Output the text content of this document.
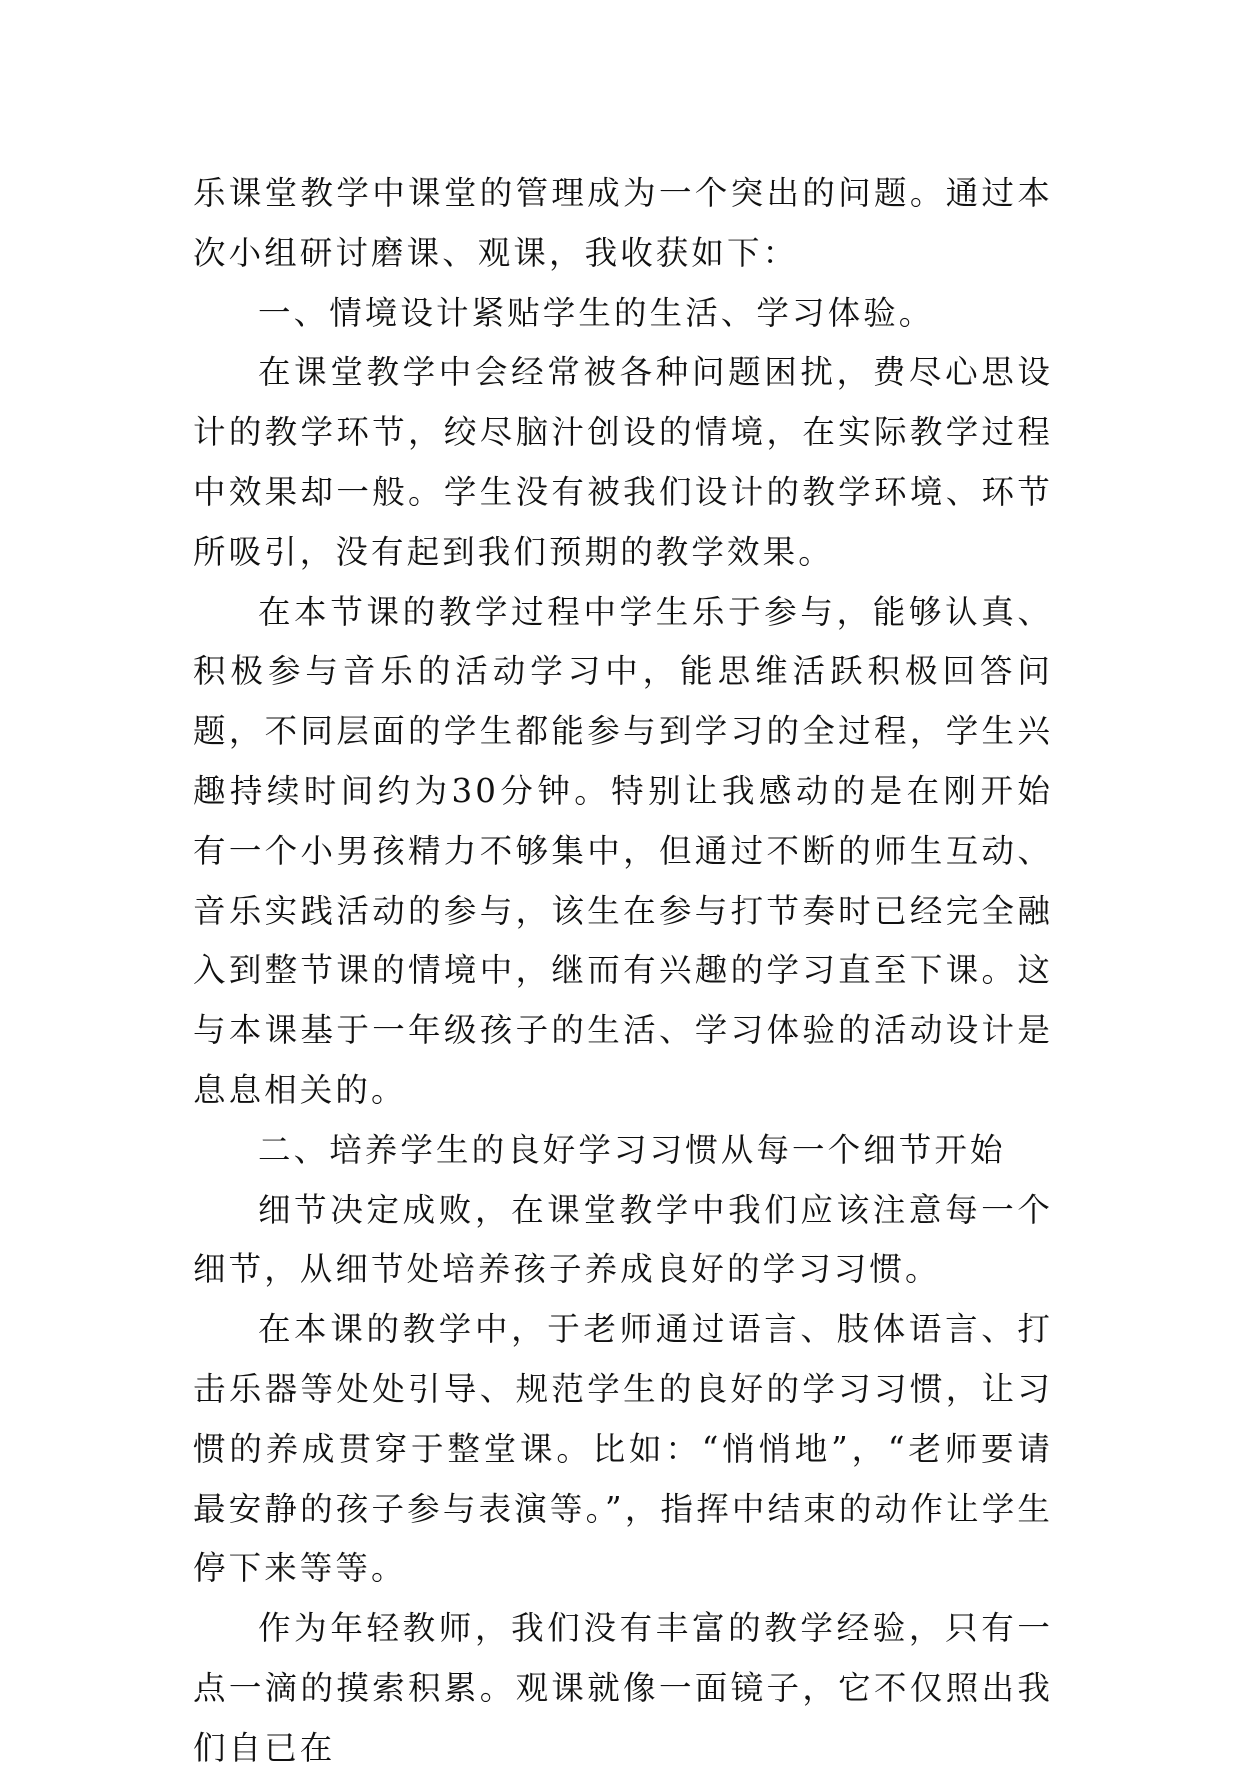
乐课堂教学中课堂的管理成为一个突出的问题。通过本次小组研讨磨课、观课，我收获如下：

一、情境设计紧贴学生的生活、学习体验。

在课堂教学中会经常被各种问题困扰，费尽心思设计的教学环节，绞尽脑汁创设的情境，在实际教学过程中效果却一般。学生没有被我们设计的教学环境、环节所吸引，没有起到我们预期的教学效果。

在本节课的教学过程中学生乐于参与，能够认真、积极参与音乐的活动学习中，能思维活跃积极回答问题，不同层面的学生都能参与到学习的全过程，学生兴趣持续时间约为30分钟。特别让我感动的是在刚开始有一个小男孩精力不够集中，但通过不断的师生互动、音乐实践活动的参与，该生在参与打节奏时已经完全融入到整节课的情境中，继而有兴趣的学习直至下课。这与本课基于一年级孩子的生活、学习体验的活动设计是息息相关的。

二、培养学生的良好学习习惯从每一个细节开始

细节决定成败，在课堂教学中我们应该注意每一个细节，从细节处培养孩子养成良好的学习习惯。

在本课的教学中，于老师通过语言、肢体语言、打击乐器等处处引导、规范学生的良好的学习习惯，让习惯的养成贯穿于整堂课。比如：“悄悄地”，“老师要请最安静的孩子参与表演等。”，指挥中结束的动作让学生停下来等等。

作为年轻教师，我们没有丰富的教学经验，只有一点一滴的摸索积累。观课就像一面镜子，它不仅照出我们自已在
